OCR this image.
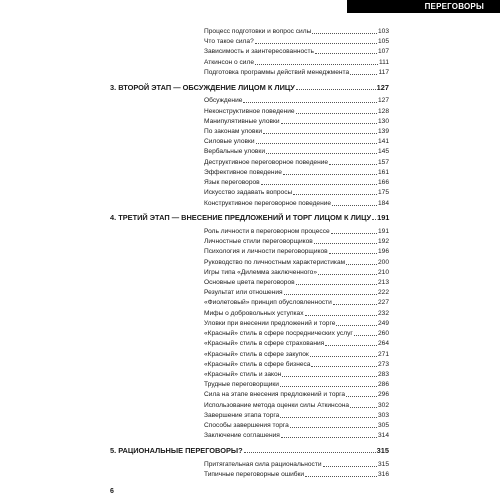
ПЕРЕГОВОРЫ
Процесс подготовки и вопрос силы	103
Что такое сила?	105
Зависимость и заинтересованность	107
Аткинсон о силе	111
Подготовка программы действий менеджмента	117
3. ВТОРОЙ ЭТАП — ОБСУЖДЕНИЕ ЛИЦОМ К ЛИЦУ	127
Обсуждение	127
Неконструктивное поведение	128
Манипулятивные уловки	130
По законам уловки	139
Силовые уловки	141
Вербальные уловки	145
Деструктивное переговорное поведение	157
Эффективное поведение	161
Язык переговоров	166
Искусство задавать вопросы	175
Конструктивное переговорное поведение	184
4. ТРЕТИЙ ЭТАП — ВНЕСЕНИЕ ПРЕДЛОЖЕНИЙ И ТОРГ ЛИЦОМ К ЛИЦУ 191
Роль личности в переговорном процессе	191
Личностные стили переговорщиков	192
Психология и личности переговорщиков	196
Руководство по личностным характеристикам	200
Игры типа «Дилемма заключенного»	210
Основные цвета переговоров	213
Результат или отношения	222
«Фиолетовый» принцип обусловленности	227
Мифы о добровольных уступках	232
Уловки при внесении предложений и торге	249
«Красный» стиль в сфере посреднических услуг	260
«Красный» стиль в сфере страхования	264
«Красный» стиль в сфере закупок	271
«Красный» стиль в сфере бизнеса	273
«Красный» стиль и закон	283
Трудные переговорщики	286
Сила на этапе внесения предложений и торга	296
Использование метода оценки силы Аткинсона	302
Завершение этапа торга	303
Способы завершения торга	305
Заключение соглашения	314
5. РАЦИОНАЛЬНЫЕ ПЕРЕГОВОРЫ?	315
Притягательная сила рациональности	315
Типичные переговорные ошибки	316
6
